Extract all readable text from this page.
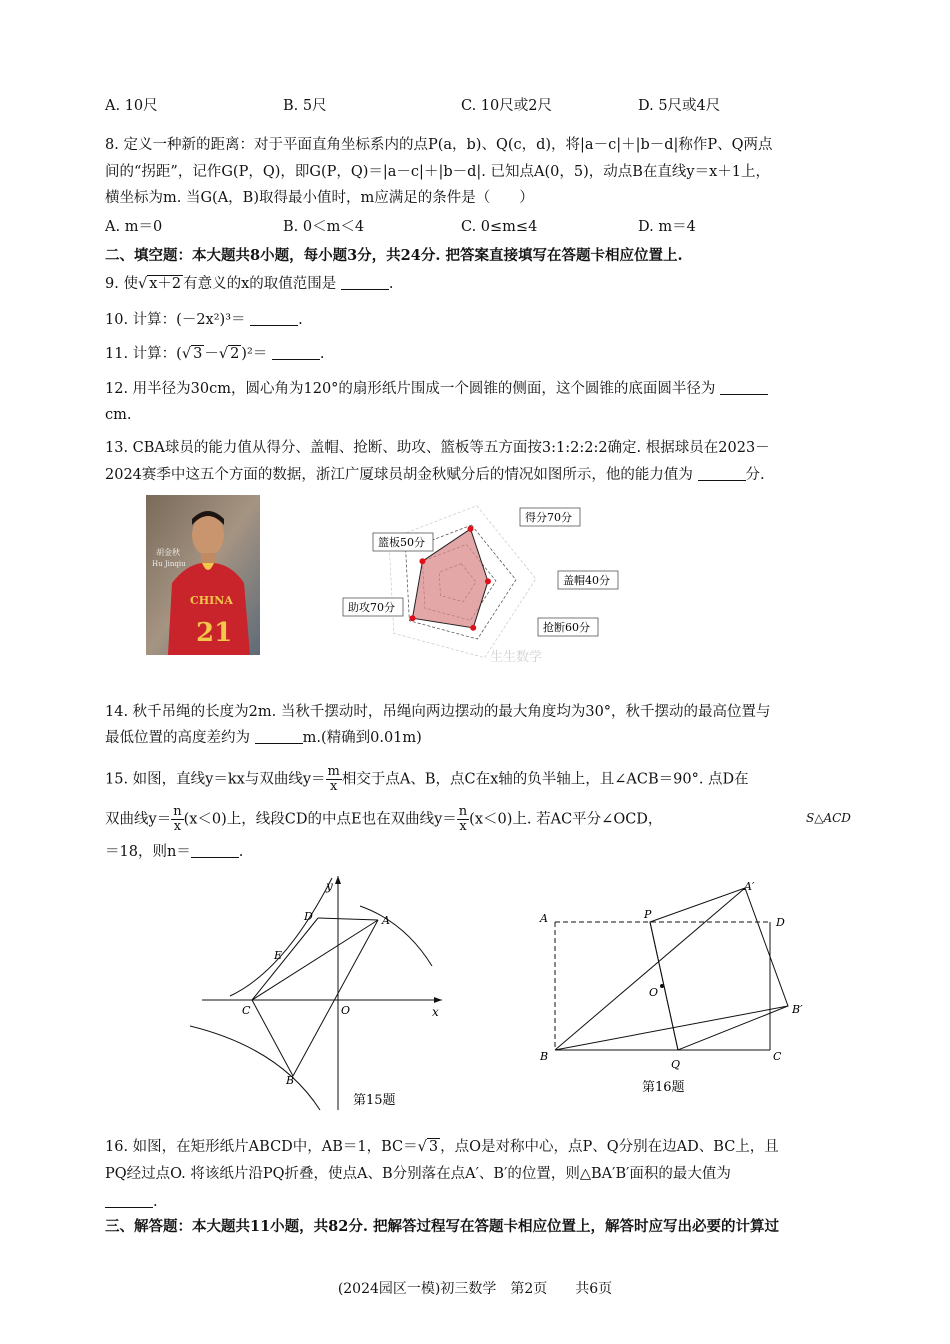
A. 10尺	B. 5尺	C. 10尺或2尺	D. 5尺或4尺
8. 定义一种新的距离：对于平面直角坐标系内的点P(a，b)、Q(c，d)，将|a－c|＋|b－d|称作P、Q两点
间的“拐距”，记作G(P，Q)，即G(P，Q)＝|a－c|＋|b－d|. 已知点A(0，5)，动点B在直线y＝x＋1上，
横坐标为m. 当G(A，B)取得最小值时，m应满足的条件是（　　）
A. m＝0	B. 0＜m＜4	C. 0≤m≤4	D. m＝4
二、填空题：本大题共8小题，每小题3分，共24分. 把答案直接填写在答题卡相应位置上.
9. 使√ x＋2 有意义的x的取值范围是	.
10. 计算：(－2x²)³＝	.
11. 计算：(√ 3 －√ 2 )²＝	.
12. 用半径为30cm，圆心角为120°的扇形纸片围成一个圆锥的侧面，这个圆锥的底面圆半径为
cm.
13. CBA球员的能力值从得分、盖帽、抢断、助攻、篮板等五方面按3:1:2:2:2确定. 根据球员在2023－
2024赛季中这五个方面的数据，浙江广厦球员胡金秋赋分后的情况如图所示，他的能力值为	分.
CHINA
21
胡金秋
Hu Jinqiu
得分70分
盖帽40分
抢断60分
助攻70分
篮板50分
生生数学
14. 秋千吊绳的长度为2m. 当秋千摆动时，吊绳向两边摆动的最大角度均为30°，秋千摆动的最高位置与
最低位置的高度差约为	m.(精确到0.01m)
15. 如图，直线y＝kx与双曲线$y= \frac{m}{x}$ 相交于点A、B，点C在x轴的负半轴上，且∠ACB＝90°. 点D在
双曲线$y= \frac{n}{x} (x<0)$上，线段CD的中点E也在双曲线$y= \frac{n}{x} (x<0)$上. 若AC平分∠OCD，	S△ACD
＝18，则n＝	.
y
x
O
A
B
C
D
E
第15题
A
B	C
D
P
Q
O
A′
B′
第16题
16. 如图，在矩形纸片ABCD中，AB＝1，BC＝√ 3 ，点O是对称中心，点P、Q分别在边AD、BC上，且
PQ经过点O. 将该纸片沿PQ折叠，使点A、B分别落在点A′、B′的位置，则△BA′B′面积的最大值为
.
三、解答题：本大题共11小题，共82分. 把解答过程写在答题卡相应位置上，解答时应写出必要的计算过
(2024园区一模)初三数学　第2页　　共6页
